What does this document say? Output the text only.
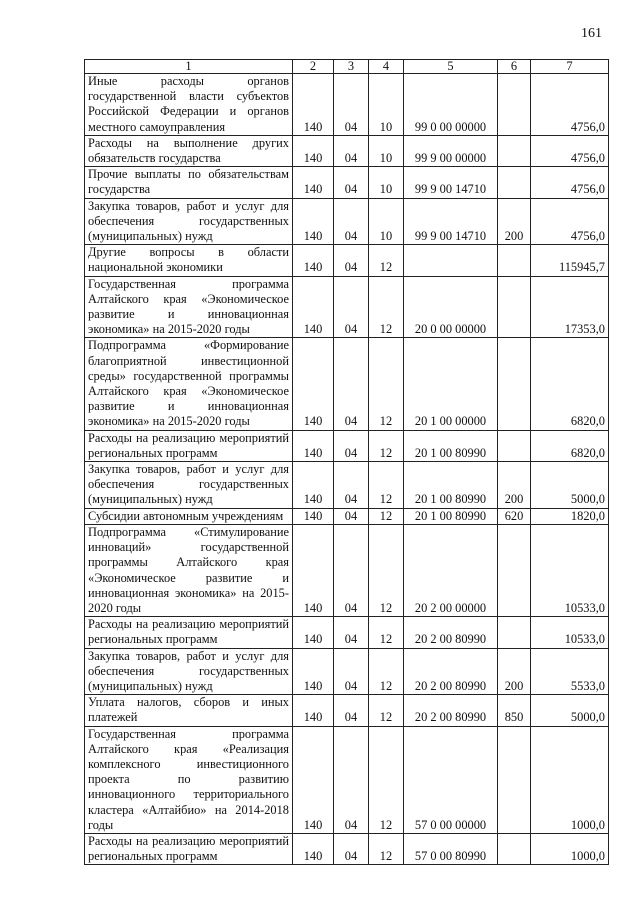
161
1	2	3	4	5	6	7
Иные расходы органов государственной власти субъектов Российской Федерации и органов местного самоуправления	140	04	10	99 0 00 00000		4756,0
Расходы на выполнение других обязательств государства	140	04	10	99 9 00 00000		4756,0
Прочие выплаты по обязательствам государства	140	04	10	99 9 00 14710		4756,0
Закупка товаров, работ и услуг для обеспечения государственных (муниципальных) нужд	140	04	10	99 9 00 14710	200	4756,0
Другие вопросы в области национальной экономики	140	04	12			115945,7
Государственная программа Алтайского края «Экономическое развитие и инновационная экономика» на 2015-2020 годы	140	04	12	20 0 00 00000		17353,0
Подпрограмма «Формирование благоприятной инвестиционной среды» государственной программы Алтайского края «Экономическое развитие и инновационная экономика» на 2015-2020 годы	140	04	12	20 1 00 00000		6820,0
Расходы на реализацию мероприятий региональных программ	140	04	12	20 1 00 80990		6820,0
Закупка товаров, работ и услуг для обеспечения государственных (муниципальных) нужд	140	04	12	20 1 00 80990	200	5000,0
Субсидии автономным учреждениям	140	04	12	20 1 00 80990	620	1820,0
Подпрограмма «Стимулирование инноваций» государственной программы Алтайского края «Экономическое развитие и инновационная экономика» на 2015-2020 годы	140	04	12	20 2 00 00000		10533,0
Расходы на реализацию мероприятий региональных программ	140	04	12	20 2 00 80990		10533,0
Закупка товаров, работ и услуг для обеспечения государственных (муниципальных) нужд	140	04	12	20 2 00 80990	200	5533,0
Уплата налогов, сборов и иных платежей	140	04	12	20 2 00 80990	850	5000,0
Государственная программа Алтайского края «Реализация комплексного инвестиционного проекта по развитию инновационного территориального кластера «Алтайбио» на 2014-2018 годы	140	04	12	57 0 00 00000		1000,0
Расходы на реализацию мероприятий региональных программ	140	04	12	57 0 00 80990		1000,0
